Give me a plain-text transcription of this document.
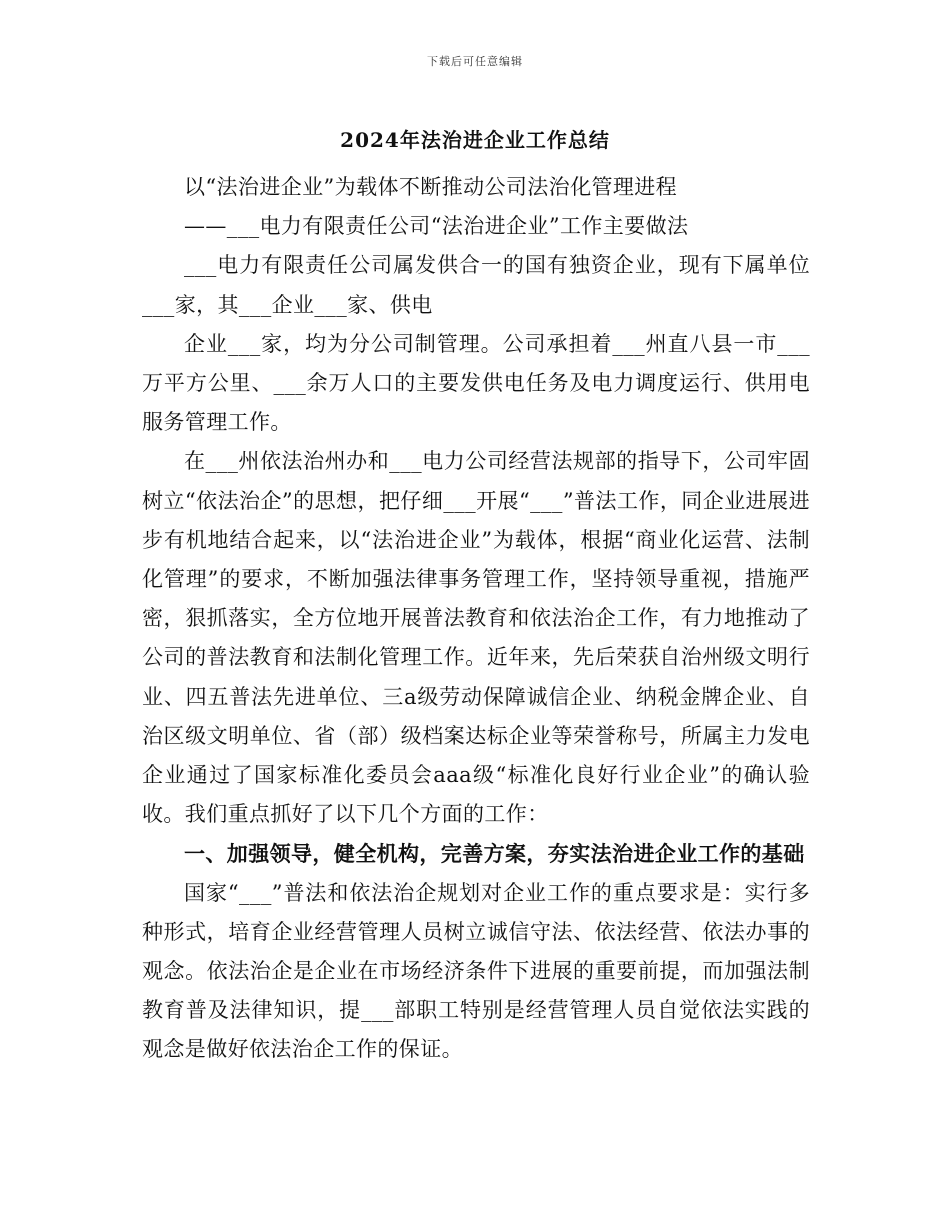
下载后可任意编辑
2024年法治进企业工作总结

以“法治进企业”为载体不断推动公司法治化管理进程

——___电力有限责任公司“法治进企业”工作主要做法

___电力有限责任公司属发供合一的国有独资企业，现有下属单位___家，其___企业___家、供电

企业___家，均为分公司制管理。公司承担着___州直八县一市___万平方公里、___余万人口的主要发供电任务及电力调度运行、供用电服务管理工作。

在___州依法治州办和___电力公司经营法规部的指导下，公司牢固树立“依法治企”的思想，把仔细___开展“___”普法工作，同企业进展进步有机地结合起来，以“法治进企业”为载体，根据“商业化运营、法制化管理”的要求，不断加强法律事务管理工作，坚持领导重视，措施严密，狠抓落实，全方位地开展普法教育和依法治企工作，有力地推动了公司的普法教育和法制化管理工作。近年来，先后荣获自治州级文明行业、四五普法先进单位、三a级劳动保障诚信企业、纳税金牌企业、自治区级文明单位、省（部）级档案达标企业等荣誉称号，所属主力发电企业通过了国家标准化委员会aaa级“标准化良好行业企业”的确认验收。我们重点抓好了以下几个方面的工作：

一、加强领导，健全机构，完善方案，夯实法治进企业工作的基础

国家“___”普法和依法治企规划对企业工作的重点要求是：实行多种形式，培育企业经营管理人员树立诚信守法、依法经营、依法办事的观念。依法治企是企业在市场经济条件下进展的重要前提，而加强法制教育普及法律知识，提___部职工特别是经营管理人员自觉依法实践的观念是做好依法治企工作的保证。
